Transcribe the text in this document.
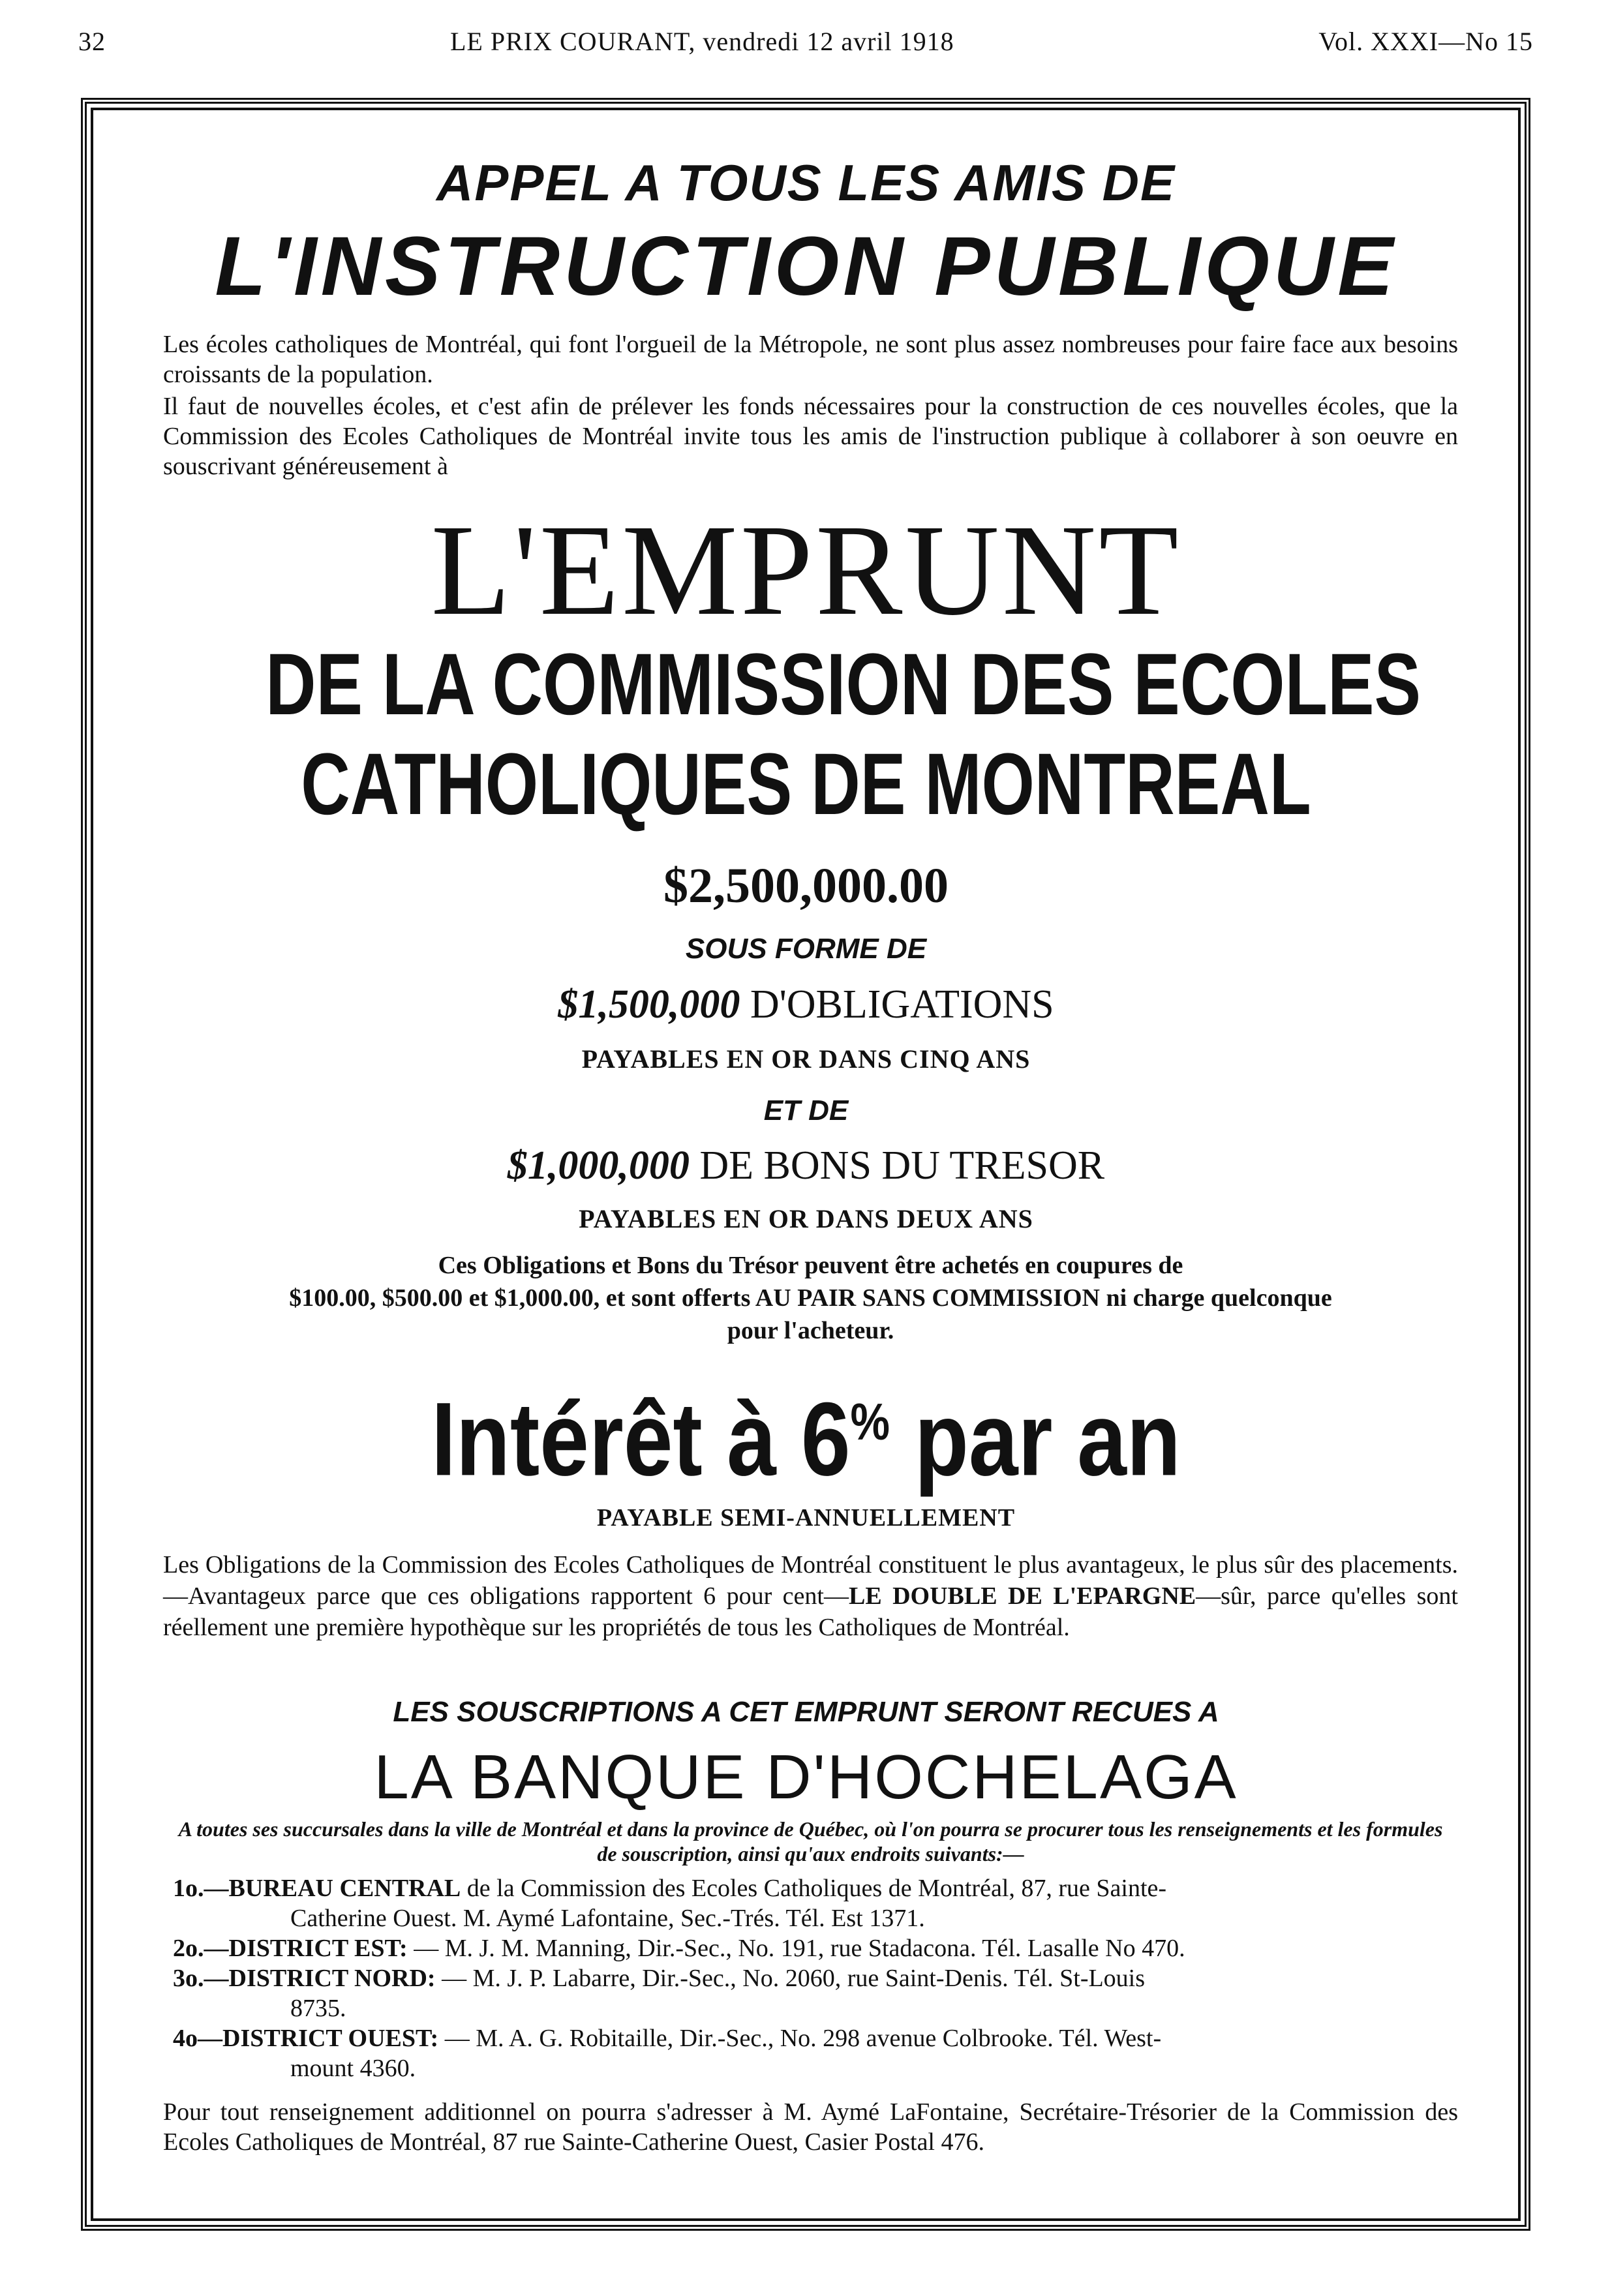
32	LE PRIX COURANT, vendredi 12 avril 1918	Vol. XXXI—No 15
APPEL A TOUS LES AMIS DE
L'INSTRUCTION PUBLIQUE
Les écoles catholiques de Montréal, qui font l'orgueil de la Métropole, ne sont plus assez nombreuses pour faire face aux besoins croissants de la population.
Il faut de nouvelles écoles, et c'est afin de prélever les fonds nécessaires pour la construction de ces nouvelles écoles, que la Commission des Ecoles Catholiques de Montréal invite tous les amis de l'instruction publique à collaborer à son oeuvre en souscrivant généreusement à
L'EMPRUNT
DE LA COMMISSION DES ECOLES
CATHOLIQUES DE MONTREAL
$2,500,000.00
SOUS FORME DE
$1,500,000 D'OBLIGATIONS
PAYABLES EN OR DANS CINQ ANS
ET DE
$1,000,000 DE BONS DU TRESOR
PAYABLES EN OR DANS DEUX ANS
Ces Obligations et Bons du Trésor peuvent être achetés en coupures de
$100.00, $500.00 et $1,000.00, et sont offerts AU PAIR SANS COMMISSION ni charge quelconque
pour l'acheteur.
Intérêt à 6% par an
PAYABLE SEMI-ANNUELLEMENT
Les Obligations de la Commission des Ecoles Catholiques de Montréal constituent le plus avantageux, le plus sûr des placements.—Avantageux parce que ces obligations rapportent 6 pour cent—LE DOUBLE DE L'EPARGNE—sûr, parce qu'elles sont réellement une première hypothèque sur les propriétés de tous les Catholiques de Montréal.
LES SOUSCRIPTIONS A CET EMPRUNT SERONT RECUES A
LA BANQUE D'HOCHELAGA
A toutes ses succursales dans la ville de Montréal et dans la province de Québec, où l'on pourra se procurer tous les renseignements et les formules de souscription, ainsi qu'aux endroits suivants:—
1o.—BUREAU CENTRAL de la Commission des Ecoles Catholiques de Montréal, 87, rue Sainte-
Catherine Ouest. M. Aymé Lafontaine, Sec.-Trés. Tél. Est 1371.
2o.—DISTRICT EST: — M. J. M. Manning, Dir.-Sec., No. 191, rue Stadacona. Tél. Lasalle No 470.
3o.—DISTRICT NORD: — M. J. P. Labarre, Dir.-Sec., No. 2060, rue Saint-Denis. Tél. St-Louis
8735.
4o—DISTRICT OUEST: — M. A. G. Robitaille, Dir.-Sec., No. 298 avenue Colbrooke. Tél. West-
mount 4360.
Pour tout renseignement additionnel on pourra s'adresser à M. Aymé LaFontaine, Secrétaire-Trésorier de la Commission des Ecoles Catholiques de Montréal, 87 rue Sainte-Catherine Ouest, Casier Postal 476.
